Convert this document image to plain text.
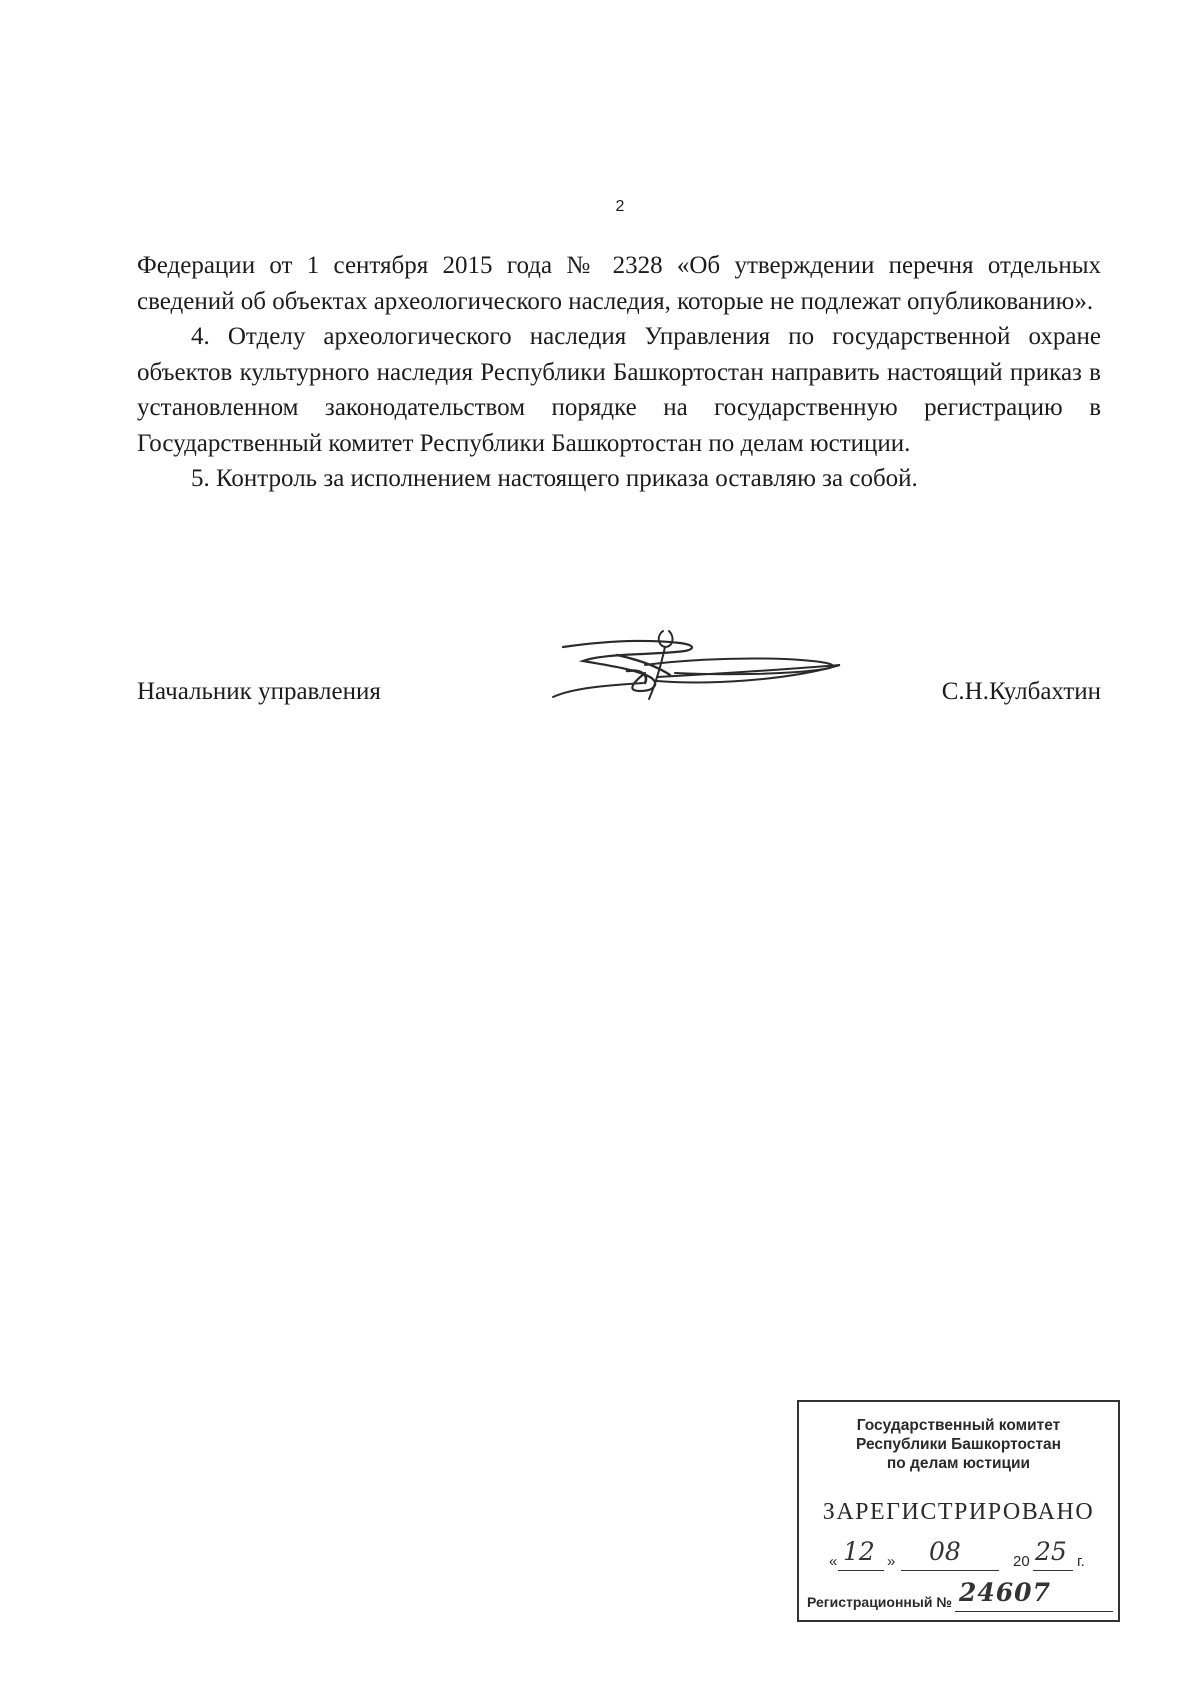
2

Федерации от 1 сентября 2015 года № 2328 «Об утверждении перечня отдельных сведений об объектах археологического наследия, которые не подлежат опубликованию».

4. Отделу археологического наследия Управления по государственной охране объектов культурного наследия Республики Башкортостан направить настоящий приказ в установленном законодательством порядке на государственную регистрацию в Государственный комитет Республики Башкортостан по делам юстиции.

5. Контроль за исполнением настоящего приказа оставляю за собой.

Начальник управления	С.Н.Кулбахтин
Государственный комитет
Республики Башкортостан
по делам юстиции
ЗАРЕГИСТРИРОВАНО
« 12 » 08	20 25 г.
Регистрационный № 24607
